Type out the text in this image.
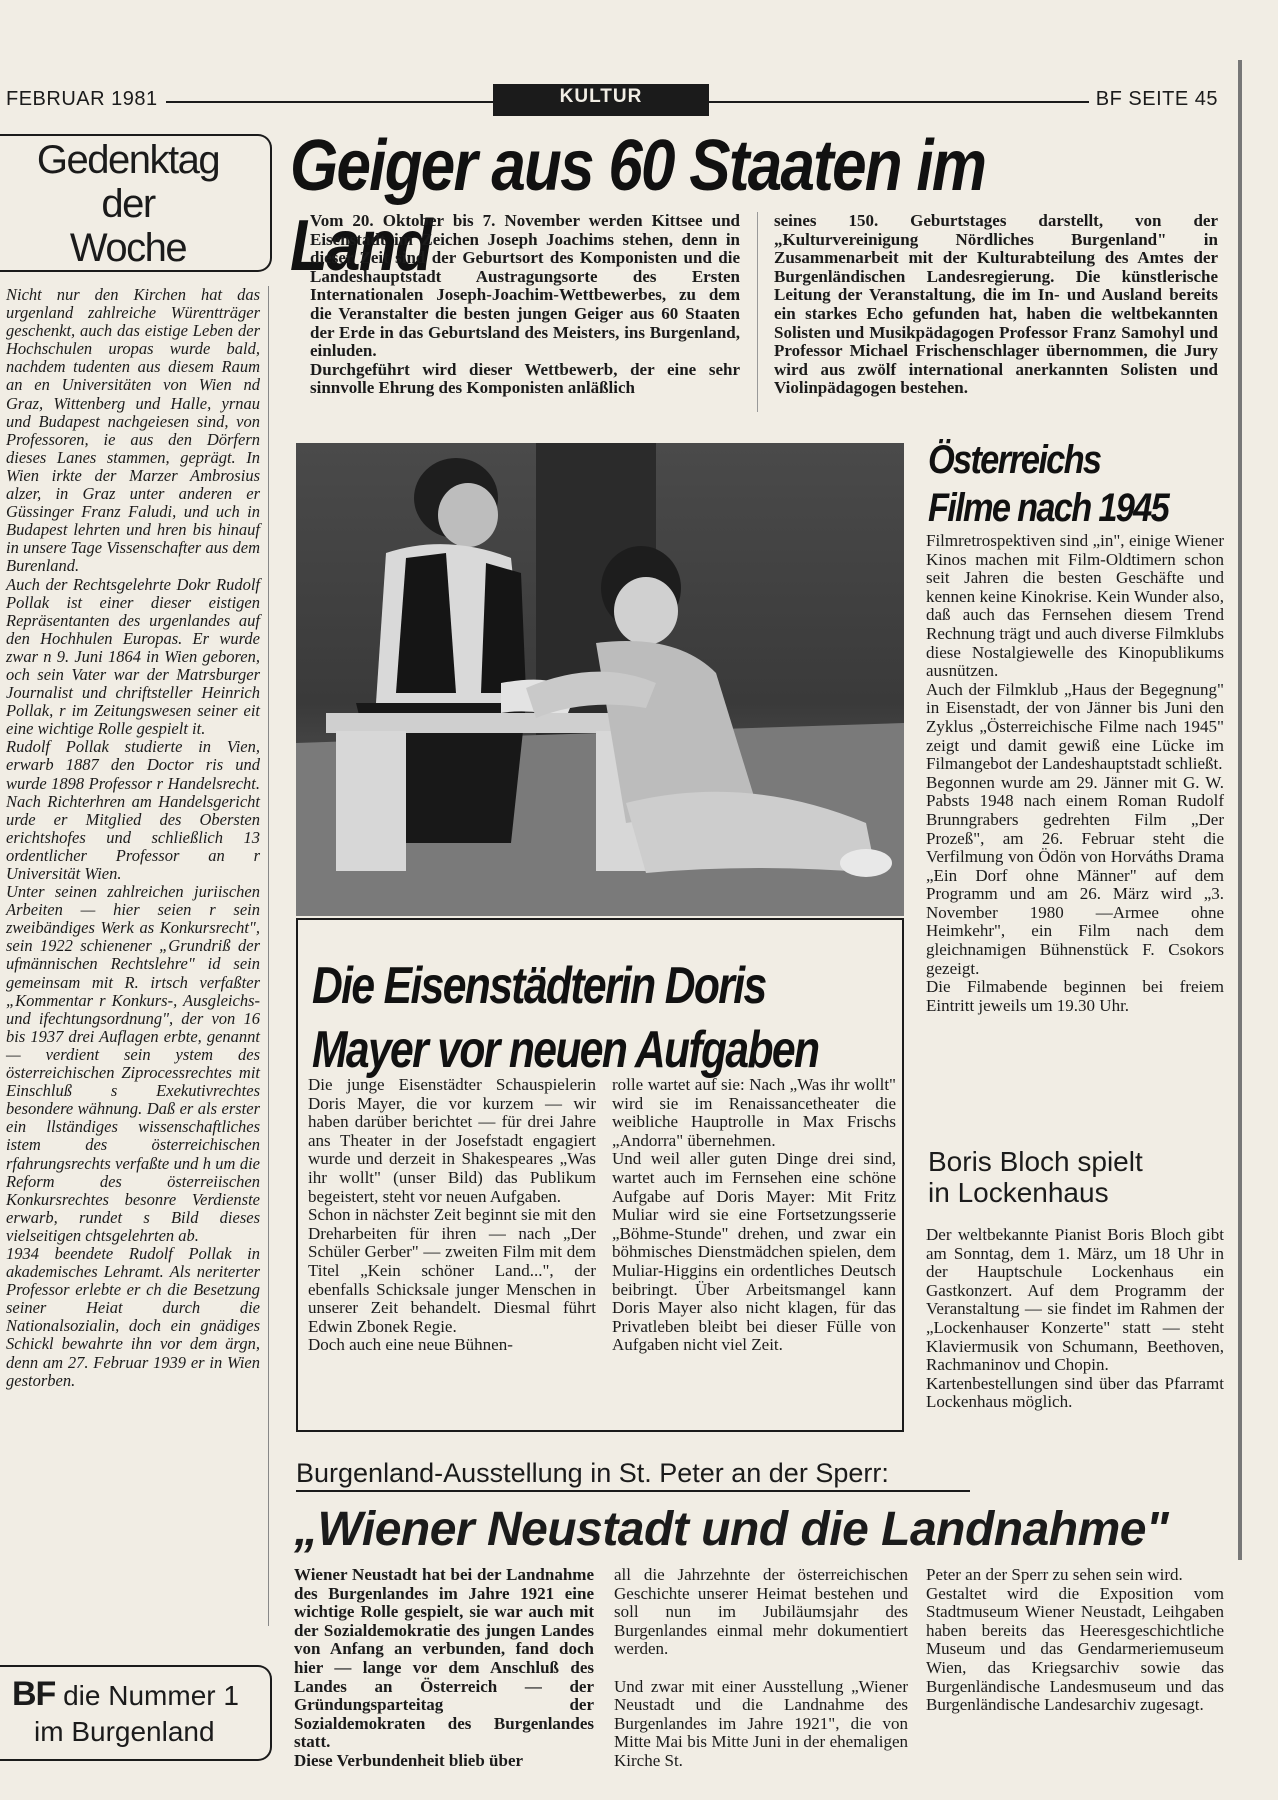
FEBRUAR 1981	KULTUR	BF SEITE 45
Gedenktag
der
Woche
Nicht nur den Kirchen hat das urgenland zahlreiche Würentträger geschenkt, auch das eistige Leben der Hochschulen uropas wurde bald, nachdem tudenten aus diesem Raum an en Universitäten von Wien nd Graz, Wittenberg und Halle, yrnau und Budapest nachgeiesen sind, von Professoren, ie aus den Dörfern dieses Lanes stammen, geprägt. In Wien irkte der Marzer Ambrosius alzer, in Graz unter anderen er Güssinger Franz Faludi, und uch in Budapest lehrten und hren bis hinauf in unsere Tage Vissenschafter aus dem Burenland.
Auch der Rechtsgelehrte Dokr Rudolf Pollak ist einer dieser eistigen Repräsentanten des urgenlandes auf den Hochhulen Europas. Er wurde zwar n 9. Juni 1864 in Wien geboren, och sein Vater war der Matrsburger Journalist und chriftsteller Heinrich Pollak, r im Zeitungswesen seiner eit eine wichtige Rolle gespielt it.
Rudolf Pollak studierte in Vien, erwarb 1887 den Doctor ris und wurde 1898 Professor r Handelsrecht. Nach Richterhren am Handelsgericht urde er Mitglied des Obersten erichtshofes und schließlich 13 ordentlicher Professor an r Universität Wien.
Unter seinen zahlreichen juriischen Arbeiten — hier seien r sein zweibändiges Werk as Konkursrecht", sein 1922 schienener „Grundriß der ufmännischen Rechtslehre" id sein gemeinsam mit R. irtsch verfaßter „Kommentar r Konkurs-, Ausgleichs- und ifechtungsordnung", der von 16 bis 1937 drei Auflagen erbte, genannt — verdient sein ystem des österreichischen Ziprocessrechtes mit Einschluß s Exekutivrechtes besondere wähnung. Daß er als erster ein llständiges wissenschaftliches istem des österreichischen rfahrungsrechts verfaßte und h um die Reform des österreiischen Konkursrechtes besonre Verdienste erwarb, rundet s Bild dieses vielseitigen chtsgelehrten ab.
1934 beendete Rudolf Pollak in akademisches Lehramt. Als neriterter Professor erlebte er ch die Besetzung seiner Heiat durch die Nationalsozialin, doch ein gnädiges Schickl bewahrte ihn vor dem ärgn, denn am 27. Februar 1939 er in Wien gestorben.
BF die Nummer 1
im Burgenland
Geiger aus 60 Staaten im Land
Vom 20. Oktober bis 7. November werden Kittsee und Eisenstadt im Zeichen Joseph Joachims stehen, denn in dieser Zeit sind der Geburtsort des Komponisten und die Landeshauptstadt Austragungsorte des Ersten Internationalen Joseph-Joachim-Wettbewerbes, zu dem die Veranstalter die besten jungen Geiger aus 60 Staaten der Erde in das Geburtsland des Meisters, ins Burgenland, einluden.
Durchgeführt wird dieser Wettbewerb, der eine sehr sinnvolle Ehrung des Komponisten anläßlich
seines 150. Geburtstages darstellt, von der „Kulturvereinigung Nördliches Burgenland" in Zusammenarbeit mit der Kulturabteilung des Amtes der Burgenländischen Landesregierung. Die künstlerische Leitung der Veranstaltung, die im In- und Ausland bereits ein starkes Echo gefunden hat, haben die weltbekannten Solisten und Musikpädagogen Professor Franz Samohyl und Professor Michael Frischenschlager übernommen, die Jury wird aus zwölf international anerkannten Solisten und Violinpädagogen bestehen.
Die Eisenstädterin Doris
Mayer vor neuen Aufgaben
Die junge Eisenstädter Schauspielerin Doris Mayer, die vor kurzem — wir haben darüber berichtet — für drei Jahre ans Theater in der Josefstadt engagiert wurde und derzeit in Shakespeares „Was ihr wollt" (unser Bild) das Publikum begeistert, steht vor neuen Aufgaben.
Schon in nächster Zeit beginnt sie mit den Dreharbeiten für ihren — nach „Der Schüler Gerber" — zweiten Film mit dem Titel „Kein schöner Land...", der ebenfalls Schicksale junger Menschen in unserer Zeit behandelt. Diesmal führt Edwin Zbonek Regie.
Doch auch eine neue Bühnen-
rolle wartet auf sie: Nach „Was ihr wollt" wird sie im Renaissancetheater die weibliche Hauptrolle in Max Frischs „Andorra" übernehmen.
Und weil aller guten Dinge drei sind, wartet auch im Fernsehen eine schöne Aufgabe auf Doris Mayer: Mit Fritz Muliar wird sie eine Fortsetzungsserie „Böhme-Stunde" drehen, und zwar ein böhmisches Dienstmädchen spielen, dem Muliar-Higgins ein ordentliches Deutsch beibringt. Über Arbeitsmangel kann Doris Mayer also nicht klagen, für das Privatleben bleibt bei dieser Fülle von Aufgaben nicht viel Zeit.
Österreichs
Filme nach 1945
Filmretrospektiven sind „in", einige Wiener Kinos machen mit Film-Oldtimern schon seit Jahren die besten Geschäfte und kennen keine Kinokrise. Kein Wunder also, daß auch das Fernsehen diesem Trend Rechnung trägt und auch diverse Filmklubs diese Nostalgiewelle des Kinopublikums ausnützen.
Auch der Filmklub „Haus der Begegnung" in Eisenstadt, der von Jänner bis Juni den Zyklus „Österreichische Filme nach 1945" zeigt und damit gewiß eine Lücke im Filmangebot der Landeshauptstadt schließt.
Begonnen wurde am 29. Jänner mit G. W. Pabsts 1948 nach einem Roman Rudolf Brunngrabers gedrehten Film „Der Prozeß", am 26. Februar steht die Verfilmung von Ödön von Horváths Drama „Ein Dorf ohne Männer" auf dem Programm und am 26. März wird „3. November 1980 —Armee ohne Heimkehr", ein Film nach dem gleichnamigen Bühnenstück F. Csokors gezeigt.
Die Filmabende beginnen bei freiem Eintritt jeweils um 19.30 Uhr.
Boris Bloch spielt
in Lockenhaus
Der weltbekannte Pianist Boris Bloch gibt am Sonntag, dem 1. März, um 18 Uhr in der Hauptschule Lockenhaus ein Gastkonzert. Auf dem Programm der Veranstaltung — sie findet im Rahmen der „Lockenhauser Konzerte" statt — steht Klaviermusik von Schumann, Beethoven, Rachmaninov und Chopin.
Kartenbestellungen sind über das Pfarramt Lockenhaus möglich.
Burgenland-Ausstellung in St. Peter an der Sperr:
„Wiener Neustadt und die Landnahme"
Wiener Neustadt hat bei der Landnahme des Burgenlandes im Jahre 1921 eine wichtige Rolle gespielt, sie war auch mit der Sozialdemokratie des jungen Landes von Anfang an verbunden, fand doch hier — lange vor dem Anschluß des Landes an Österreich — der Gründungsparteitag der Sozialdemokraten des Burgenlandes statt.
Diese Verbundenheit blieb über
all die Jahrzehnte der österreichischen Geschichte unserer Heimat bestehen und soll nun im Jubiläumsjahr des Burgenlandes einmal mehr dokumentiert werden.

Und zwar mit einer Ausstellung „Wiener Neustadt und die Landnahme des Burgenlandes im Jahre 1921", die von Mitte Mai bis Mitte Juni in der ehemaligen Kirche St.
Peter an der Sperr zu sehen sein wird.
Gestaltet wird die Exposition vom Stadtmuseum Wiener Neustadt, Leihgaben haben bereits das Heeresgeschichtliche Museum und das Gendarmeriemuseum Wien, das Kriegsarchiv sowie das Burgenländische Landesmuseum und das Burgenländische Landesarchiv zugesagt.
